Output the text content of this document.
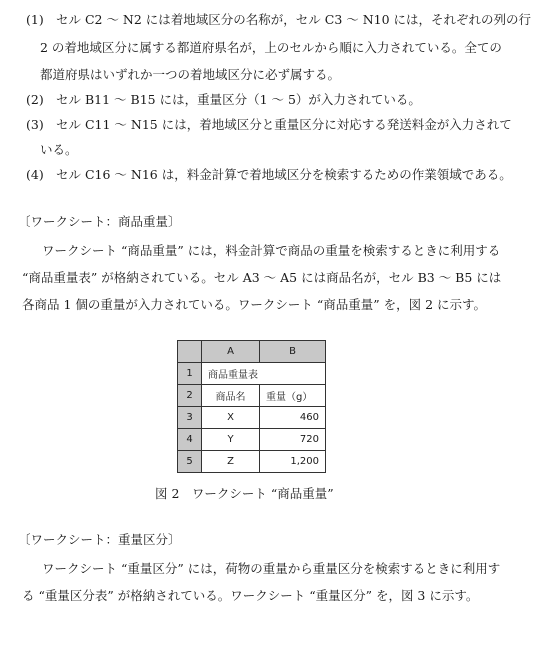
(1) セル C2 ～ N2 には着地域区分の名称が，セル C3 ～ N10 には，それぞれの列の行
2 の着地域区分に属する都道府県名が，上のセルから順に入力されている。全ての
都道府県はいずれか一つの着地域区分に必ず属する。
(2) セル B11 ～ B15 には，重量区分（1 ～ 5）が入力されている。
(3) セル C11 ～ N15 には，着地域区分と重量区分に対応する発送料金が入力されて
いる。
(4) セル C16 ～ N16 は，料金計算で着地域区分を検索するための作業領域である。
〔ワークシート：商品重量〕
ワークシート “商品重量” には，料金計算で商品の重量を検索するときに利用する
“商品重量表” が格納されている。セル A3 ～ A5 には商品名が，セル B3 ～ B5 には
各商品 1 個の重量が入力されている。ワークシート “商品重量” を，図 2 に示す。
	A	B
1	商品重量表	
2	商品名	重量（g）
3	X	460
4	Y	720
5	Z	1,200
図 2　ワークシート “商品重量”
〔ワークシート：重量区分〕
ワークシート “重量区分” には，荷物の重量から重量区分を検索するときに利用す
る “重量区分表” が格納されている。ワークシート “重量区分” を，図 3 に示す。
